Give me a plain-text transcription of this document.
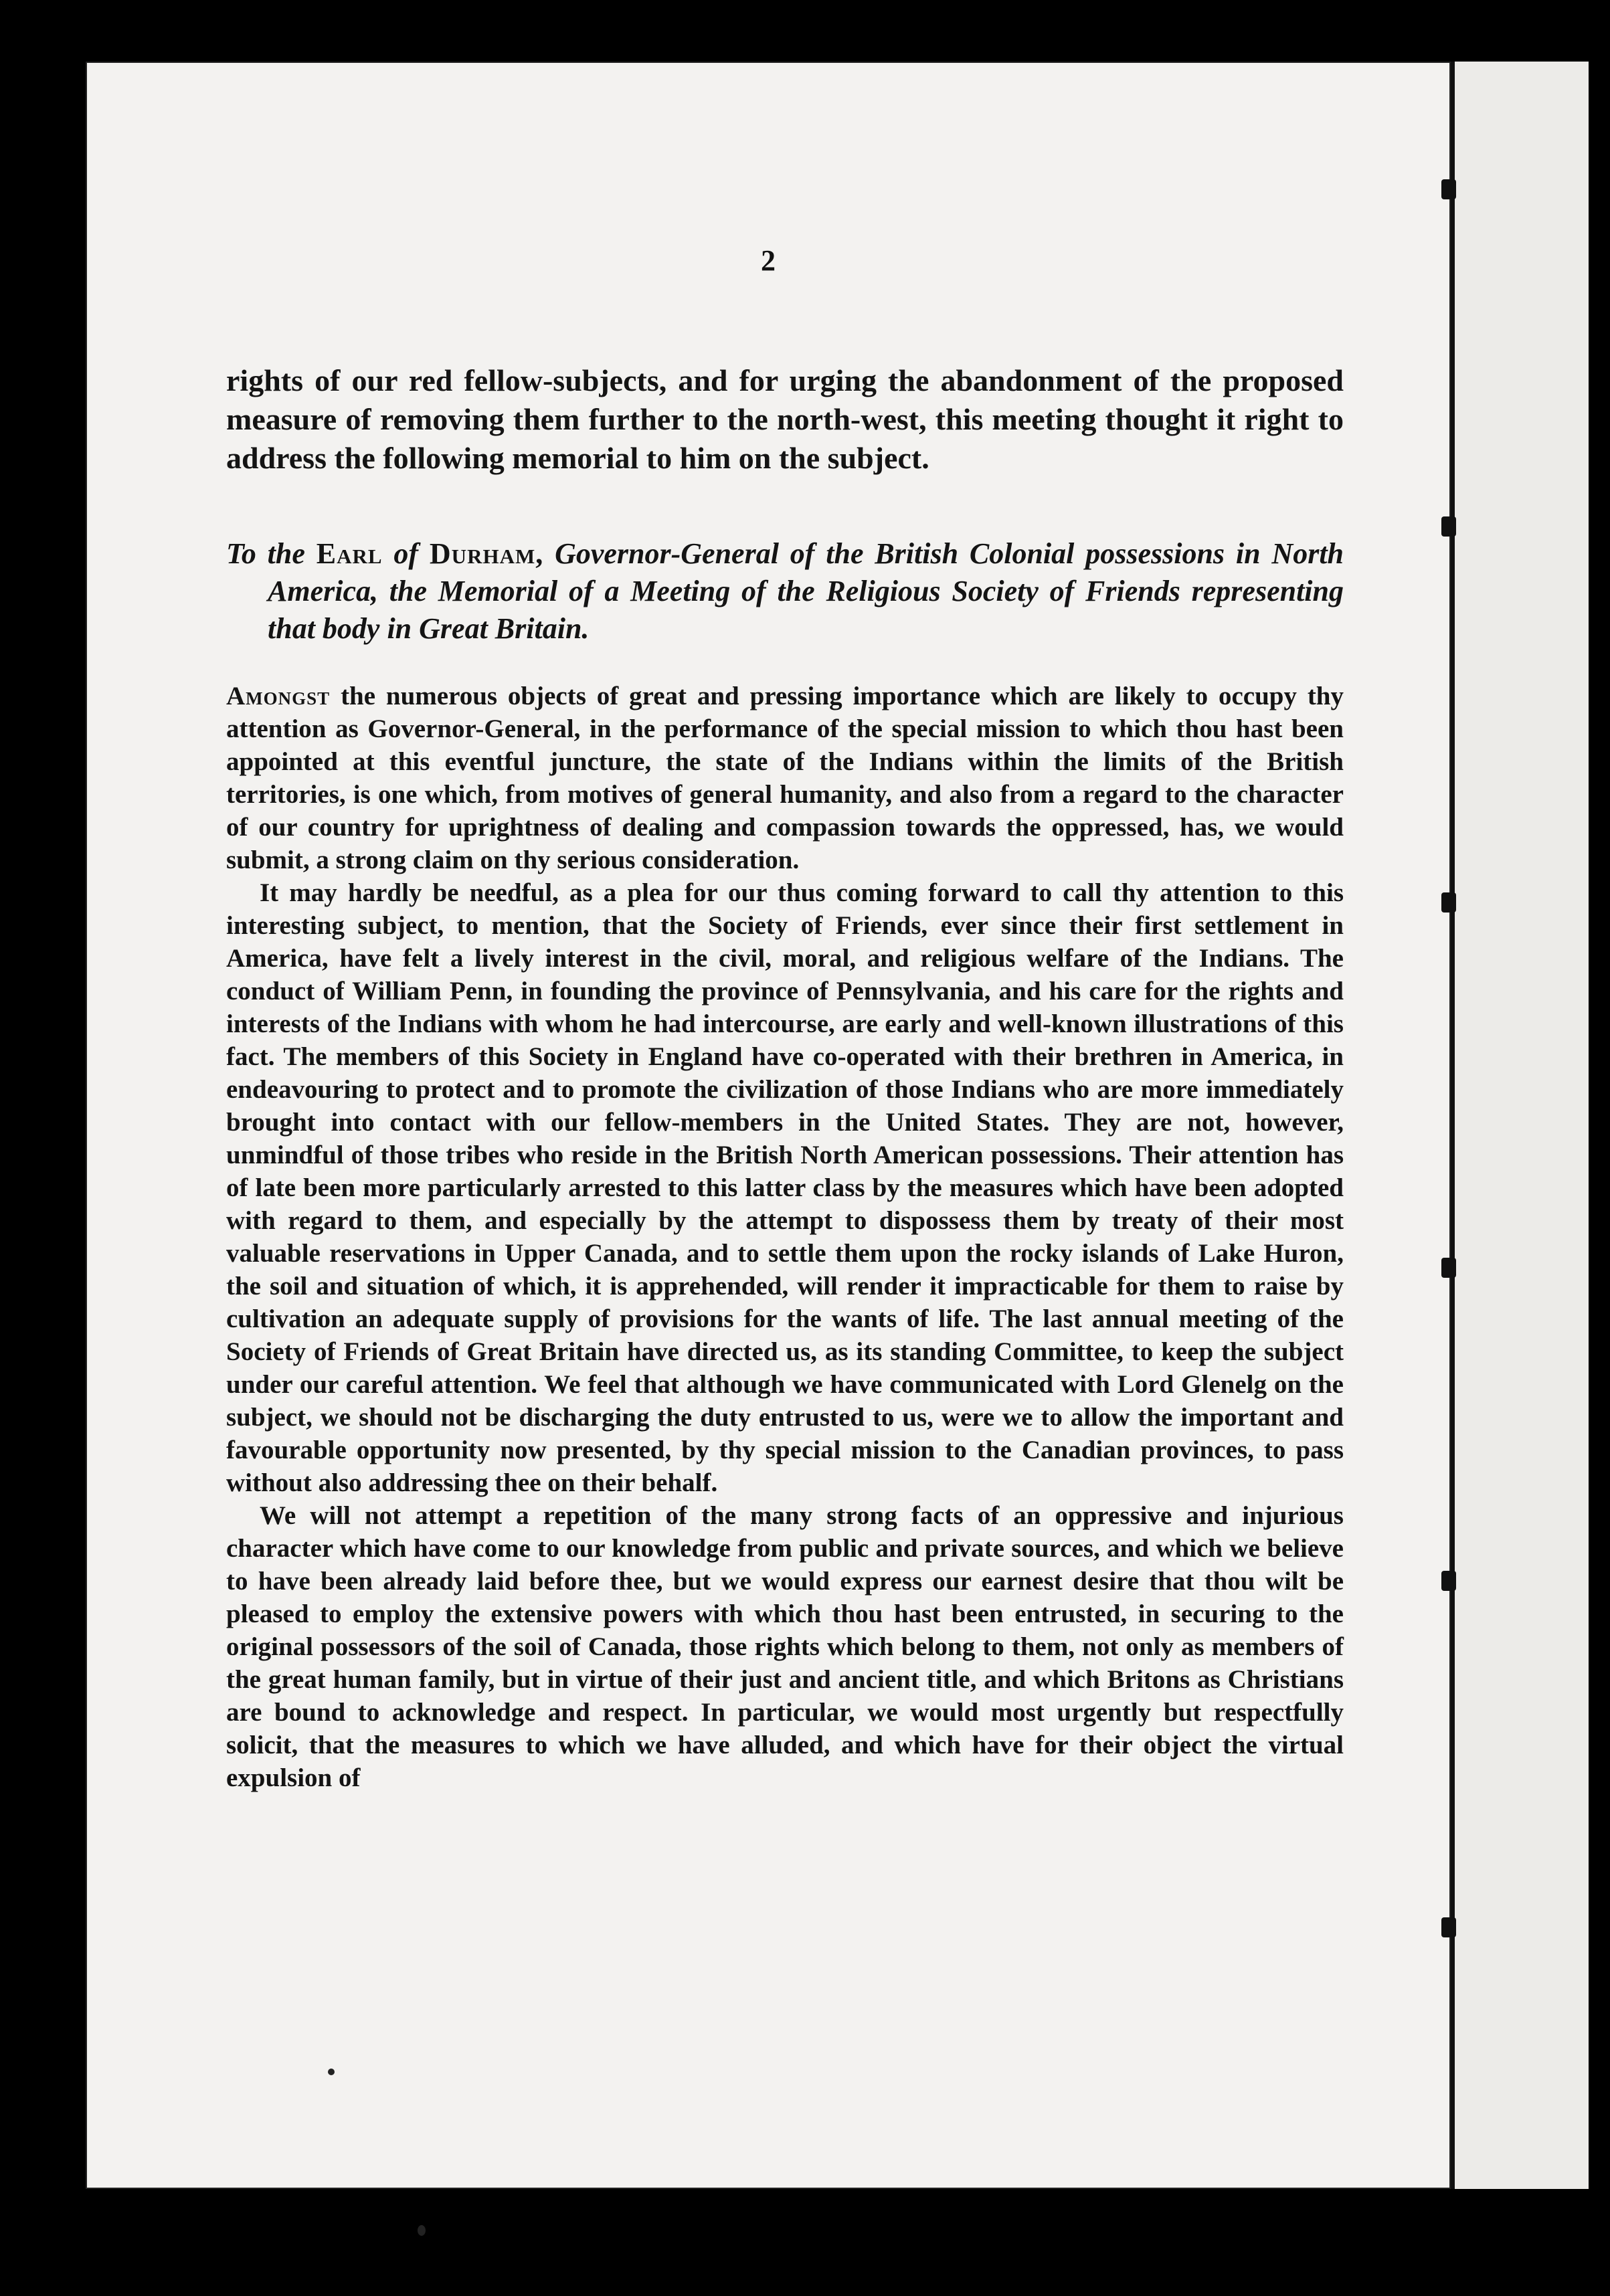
2

rights of our red fellow-subjects, and for urging the abandonment of the proposed measure of removing them further to the north-west, this meeting thought it right to address the following memorial to him on the subject.

To the Earl of Durham, Governor-General of the British Colonial possessions in North America, the Memorial of a Meeting of the Religious Society of Friends representing that body in Great Britain.

Amongst the numerous objects of great and pressing importance which are likely to occupy thy attention as Governor-General, in the performance of the special mission to which thou hast been appointed at this eventful juncture, the state of the Indians within the limits of the British territories, is one which, from motives of general humanity, and also from a regard to the character of our country for uprightness of dealing and compassion towards the oppressed, has, we would submit, a strong claim on thy serious consideration.

It may hardly be needful, as a plea for our thus coming forward to call thy attention to this interesting subject, to mention, that the Society of Friends, ever since their first settlement in America, have felt a lively interest in the civil, moral, and religious welfare of the Indians. The conduct of William Penn, in founding the province of Pennsylvania, and his care for the rights and interests of the Indians with whom he had intercourse, are early and well-known illustrations of this fact. The members of this Society in England have co-operated with their brethren in America, in endeavouring to protect and to promote the civilization of those Indians who are more immediately brought into contact with our fellow-members in the United States. They are not, however, unmindful of those tribes who reside in the British North American possessions. Their attention has of late been more particularly arrested to this latter class by the measures which have been adopted with regard to them, and especially by the attempt to dispossess them by treaty of their most valuable reservations in Upper Canada, and to settle them upon the rocky islands of Lake Huron, the soil and situation of which, it is apprehended, will render it impracticable for them to raise by cultivation an adequate supply of provisions for the wants of life. The last annual meeting of the Society of Friends of Great Britain have directed us, as its standing Committee, to keep the subject under our careful attention. We feel that although we have communicated with Lord Glenelg on the subject, we should not be discharging the duty entrusted to us, were we to allow the important and favourable opportunity now presented, by thy special mission to the Canadian provinces, to pass without also addressing thee on their behalf.

We will not attempt a repetition of the many strong facts of an oppressive and injurious character which have come to our knowledge from public and private sources, and which we believe to have been already laid before thee, but we would express our earnest desire that thou wilt be pleased to employ the extensive powers with which thou hast been entrusted, in securing to the original possessors of the soil of Canada, those rights which belong to them, not only as members of the great human family, but in virtue of their just and ancient title, and which Britons as Christians are bound to acknowledge and respect. In particular, we would most urgently but respectfully solicit, that the measures to which we have alluded, and which have for their object the virtual expulsion of
